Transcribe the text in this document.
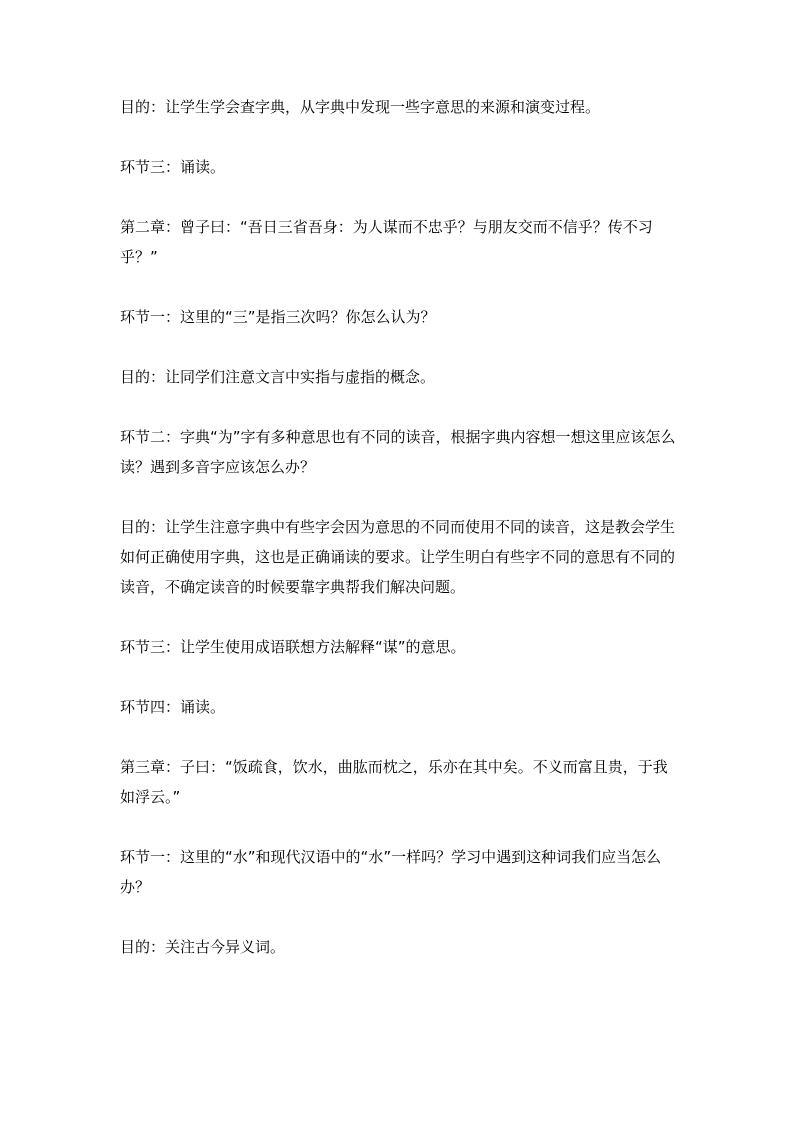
目的：让学生学会查字典，从字典中发现一些字意思的来源和演变过程。

环节三：诵读。

第二章：曾子曰：“吾日三省吾身：为人谋而不忠乎？与朋友交而不信乎？传不习乎？”

环节一：这里的“三”是指三次吗？你怎么认为？

目的：让同学们注意文言中实指与虚指的概念。

环节二：字典“为”字有多种意思也有不同的读音，根据字典内容想一想这里应该怎么读？遇到多音字应该怎么办？

目的：让学生注意字典中有些字会因为意思的不同而使用不同的读音，这是教会学生如何正确使用字典，这也是正确诵读的要求。让学生明白有些字不同的意思有不同的读音，不确定读音的时候要靠字典帮我们解决问题。

环节三：让学生使用成语联想方法解释“谋”的意思。

环节四：诵读。

第三章：子曰：“饭疏食，饮水，曲肱而枕之，乐亦在其中矣。不义而富且贵，于我如浮云。”

环节一：这里的“水”和现代汉语中的“水”一样吗？学习中遇到这种词我们应当怎么办？

目的：关注古今异义词。
